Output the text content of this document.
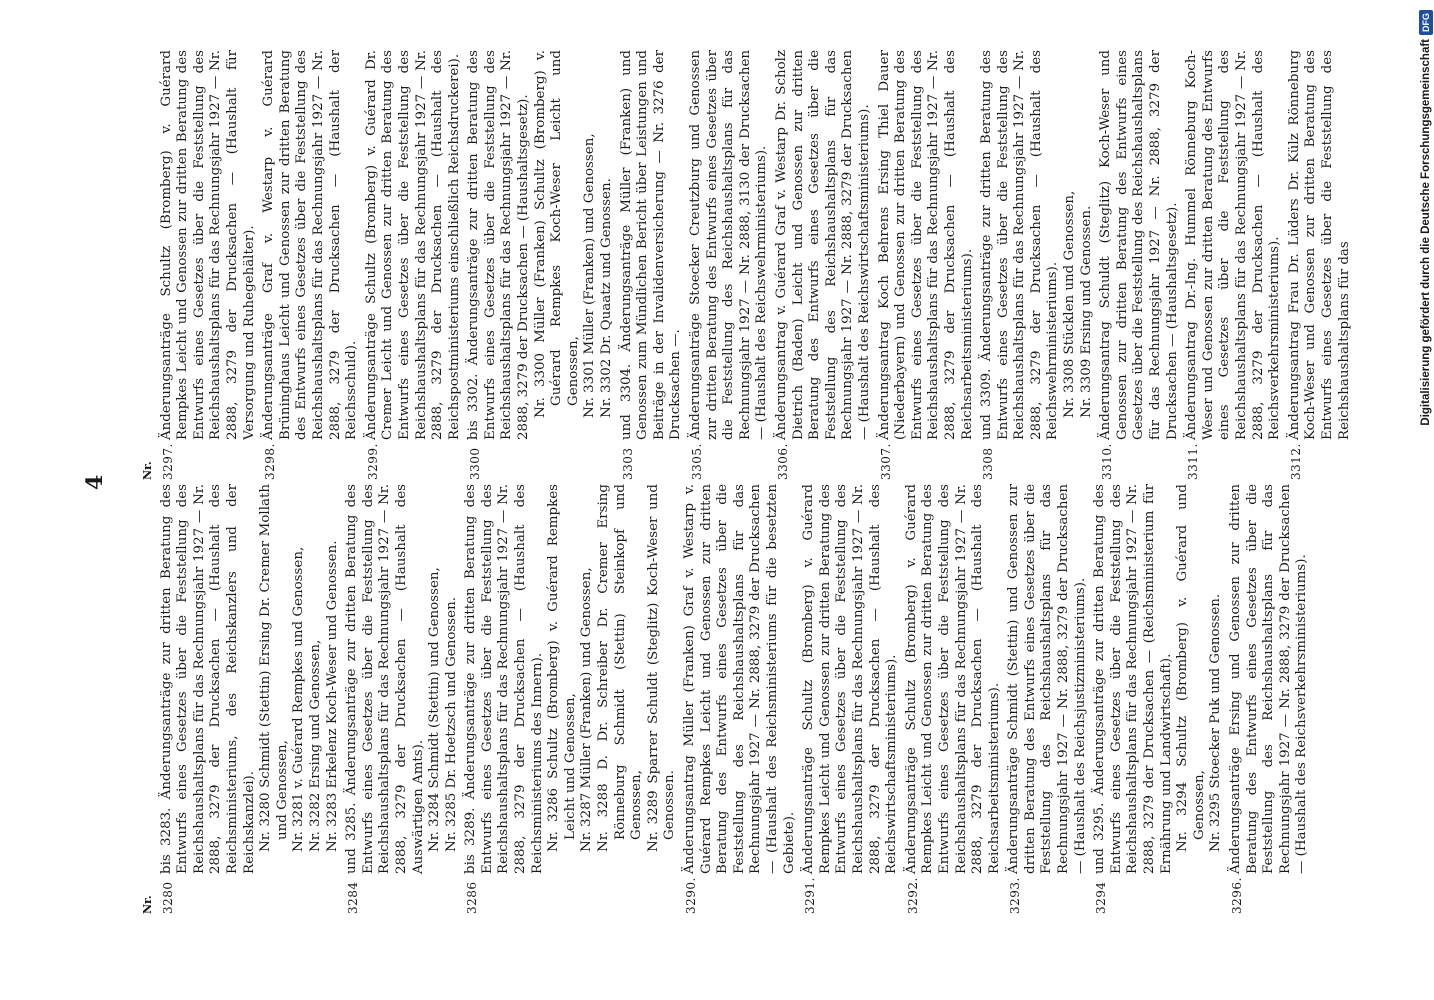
4
Nr. 3280
bis 3283. Änderungsanträge zur dritten Beratung des Entwurfs eines Gesetzes über die Feststellung des Reichshaushaltsplans für das Rechnungsjahr 1927 — Nr. 2888, 3279 der Drucksachen — (Haushalt des Reichsministeriums, des Reichskanzlers und der Reichskanzlei). Nr. 3280 Schmidt (Stettin) Ersing Dr. Cremer Mollath und Genossen, Nr. 3281 v. Guérard Rempkes und Genossen, Nr. 3282 Ersing und Genossen, Nr. 3283 Erkelenz Koch-Weser und Genossen.
3284
und 3285. Änderungsanträge zur dritten Beratung des Entwurfs eines Gesetzes über die Feststellung des Reichshaushaltsplans für das Rechnungsjahr 1927 — Nr. 2888, 3279 der Drucksachen — (Haushalt des Auswärtigen Amts). Nr. 3284 Schmidt (Stettin) und Genossen, Nr. 3285 Dr. Hoetzsch und Genossen.
3286
bis 3289. Änderungsanträge zur dritten Beratung des Entwurfs eines Gesetzes über die Feststellung des Reichshaushaltsplans für das Rechnungsjahr 1927 — Nr. 2888, 3279 der Drucksachen — (Haushalt des Reichsministeriums des Innern). Nr. 3286 Schultz (Bromberg) v. Guérard Rempkes Leicht und Genossen, Nr. 3287 Müller (Franken) und Genossen, Nr. 3288 D. Dr. Schreiber Dr. Cremer Ersing Rönneburg Schmidt (Stettin) Steinkopf und Genossen, Nr. 3289 Sparrer Schuldt (Steglitz) Koch-Weser und Genossen.
3290.
Änderungsantrag Müller (Franken) Graf v. Westarp v. Guérard Rempkes Leicht und Genossen zur dritten Beratung des Entwurfs eines Gesetzes über die Feststellung des Reichshaushaltsplans für das Rechnungsjahr 1927 — Nr. 2888, 3279 der Drucksachen — (Haushalt des Reichsministeriums für die besetzten Gebiete).
3291.
Änderungsanträge Schultz (Bromberg) v. Guérard Rempkes Leicht und Genossen zur dritten Beratung des Entwurfs eines Gesetzes über die Feststellung des Reichshaushaltsplans für das Rechnungsjahr 1927 — Nr. 2888, 3279 der Drucksachen — (Haushalt des Reichswirtschaftsministeriums).
3292.
Änderungsanträge Schultz (Bromberg) v. Guérard Rempkes Leicht und Genossen zur dritten Beratung des Entwurfs eines Gesetzes über die Feststellung des Reichshaushaltsplans für das Rechnungsjahr 1927 — Nr. 2888, 3279 der Drucksachen — (Haushalt des Reichsarbeitsministeriums).
3293.
Änderungsanträge Schmidt (Stettin) und Genossen zur dritten Beratung des Entwurfs eines Gesetzes über die Feststellung des Reichshaushaltsplans für das Rechnungsjahr 1927 — Nr. 2888, 3279 der Drucksachen — (Haushalt des Reichsjustizministeriums).
3294
und 3295. Änderungsanträge zur dritten Beratung des Entwurfs eines Gesetzes über die Feststellung des Reichshaushaltsplans für das Rechnungsjahr 1927 — Nr. 2888, 3279 der Drucksachen — (Reichsministerium für Ernährung und Landwirtschaft). Nr. 3294 Schultz (Bromberg) v. Guérard und Genossen, Nr. 3295 Stoecker Puk und Genossen.
3296.
Änderungsanträge Ersing und Genossen zur dritten Beratung des Entwurfs eines Gesetzes über die Feststellung des Reichshaushaltsplans für das Rechnungsjahr 1927 — Nr. 2888, 3279 der Drucksachen — (Haushalt des Reichsverkehrsministeriums).
Nr. 3297.
Änderungsanträge Schultz (Bromberg) v. Guérard Rempkes Leicht und Genossen zur dritten Beratung des Entwurfs eines Gesetzes über die Feststellung des Reichshaushaltsplans für das Rechnungsjahr 1927 — Nr. 2888, 3279 der Drucksachen — (Haushalt für Versorgung und Ruhegehälter).
3298.
Änderungsanträge Graf v. Westarp v. Guérard Brüninghaus Leicht und Genossen zur dritten Beratung des Entwurfs eines Gesetzes über die Feststellung des Reichshaushaltsplans für das Rechnungsjahr 1927 — Nr. 2888, 3279 der Drucksachen — (Haushalt der Reichsschuld).
3299.
Änderungsanträge Schultz (Bromberg) v. Guérard Dr. Cremer Leicht und Genossen zur dritten Beratung des Entwurfs eines Gesetzes über die Feststellung des Reichshaushaltsplans für das Rechnungsjahr 1927 — Nr. 2888, 3279 der Drucksachen — (Haushalt des Reichspostministeriums einschließlich Reichsdruckerei).
3300
bis 3302. Änderungsanträge zur dritten Beratung des Entwurfs eines Gesetzes über die Feststellung des Reichshaushaltsplans für das Rechnungsjahr 1927 — Nr. 2888, 3279 der Drucksachen — (Haushaltsgesetz). Nr. 3300 Müller (Franken) Schultz (Bromberg) v. Guérard Rempkes Koch-Weser Leicht und Genossen, Nr. 3301 Müller (Franken) und Genossen, Nr. 3302 Dr. Quaatz und Genossen.
3303
und 3304. Änderungsanträge Müller (Franken) und Genossen zum Mündlichen Bericht über Leistungen und Beiträge in der Invalidenversicherung — Nr. 3276 der Drucksachen —.
3305.
Änderungsanträge Stoecker Creutzburg und Genossen zur dritten Beratung des Entwurfs eines Gesetzes über die Feststellung des Reichshaushaltsplans für das Rechnungsjahr 1927 — Nr. 2888, 3130 der Drucksachen — (Haushalt des Reichswehrministeriums).
3306.
Änderungsantrag v. Guérard Graf v. Westarp Dr. Scholz Dietrich (Baden) Leicht und Genossen zur dritten Beratung des Entwurfs eines Gesetzes über die Feststellung des Reichshaushaltsplans für das Rechnungsjahr 1927 — Nr. 2888, 3279 der Drucksachen — (Haushalt des Reichswirtschaftsministeriums).
3307.
Änderungsantrag Koch Behrens Ersing Thiel Dauer (Niederbayern) und Genossen zur dritten Beratung des Entwurfs eines Gesetzes über die Feststellung des Reichshaushaltsplans für das Rechnungsjahr 1927 — Nr. 2888, 3279 der Drucksachen — (Haushalt des Reichsarbeitsministeriums).
3308
und 3309. Änderungsanträge zur dritten Beratung des Entwurfs eines Gesetzes über die Feststellung des Reichshaushaltsplans für das Rechnungsjahr 1927 — Nr. 2888, 3279 der Drucksachen — (Haushalt des Reichswehrministeriums). Nr. 3308 Stücklen und Genossen, Nr. 3309 Ersing und Genossen.
3310.
Änderungsantrag Schuldt (Steglitz) Koch-Weser und Genossen zur dritten Beratung des Entwurfs eines Gesetzes über die Feststellung des Reichshaushaltsplans für das Rechnungsjahr 1927 — Nr. 2888, 3279 der Drucksachen — (Haushaltsgesetz).
3311.
Änderungsantrag Dr.-Ing. Hummel Rönneburg Koch-Weser und Genossen zur dritten Beratung des Entwurfs eines Gesetzes über die Feststellung des Reichshaushaltsplans für das Rechnungsjahr 1927 — Nr. 2888, 3279 der Drucksachen — (Haushalt des Reichsverkehrsministeriums).
3312.
Änderungsantrag Frau Dr. Lüders Dr. Külz Rönneburg Koch-Weser und Genossen zur dritten Beratung des Entwurfs eines Gesetzes über die Feststellung des Reichshaushaltsplans für das	Digitalisierung gefördert durch die Deutsche Forschungsgemeinschaft
DFG
